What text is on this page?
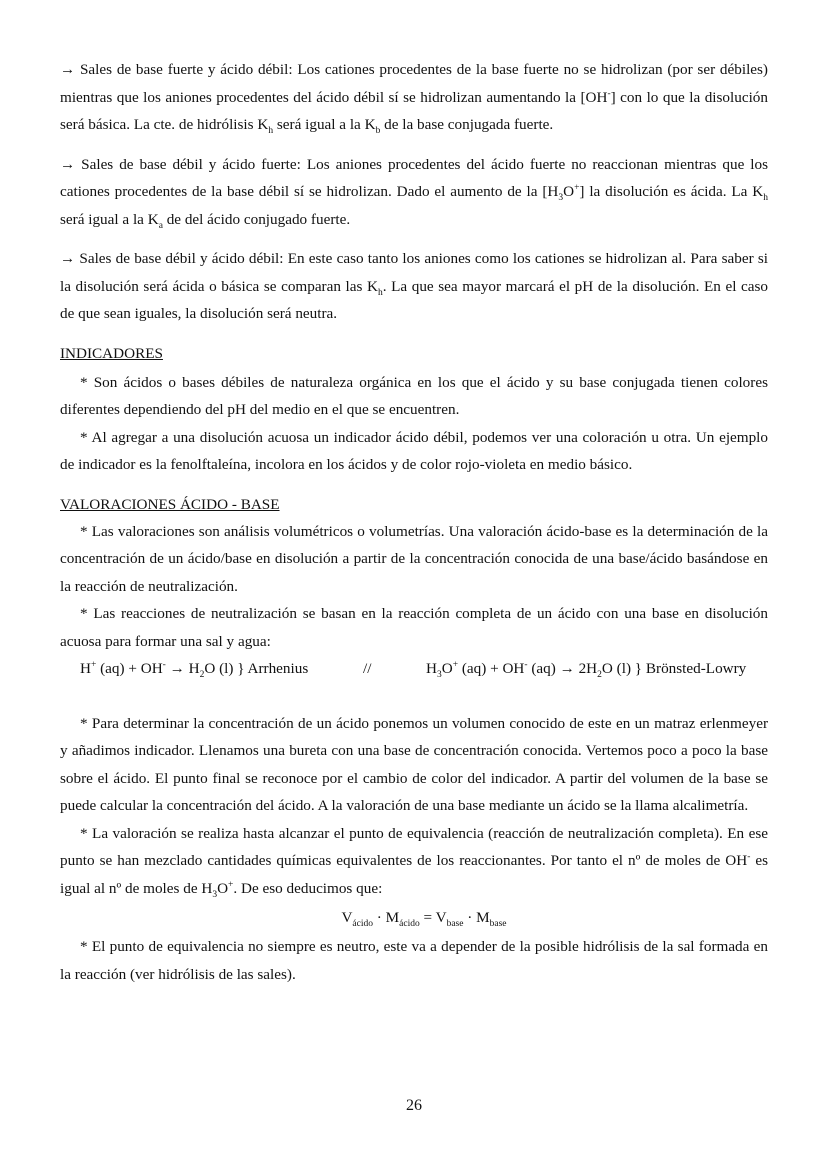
→ Sales de base fuerte y ácido débil: Los cationes procedentes de la base fuerte no se hidrolizan (por ser débiles) mientras que los aniones procedentes del ácido débil sí se hidrolizan aumentando la [OH-] con lo que la disolución será básica. La cte. de hidrólisis $K_h$ será igual a la $K_b$ de la base conjugada fuerte.

→ Sales de base débil y ácido fuerte: Los aniones procedentes del ácido fuerte no reaccionan mientras que los cationes procedentes de la base débil sí se hidrolizan. Dado el aumento de la $[H_3O^+]$ la disolución es ácida. La $K_h$ será igual a la $K_a$ de del ácido conjugado fuerte.

→ Sales de base débil y ácido débil: En este caso tanto los aniones como los cationes se hidrolizan al. Para saber si la disolución será ácida o básica se comparan las $K_h$. La que sea mayor marcará el pH de la disolución. En el caso de que sean iguales, la disolución será neutra.

INDICADORES

* Son ácidos o bases débiles de naturaleza orgánica en los que el ácido y su base conjugada tienen colores diferentes dependiendo del pH del medio en el que se encuentren.

* Al agregar a una disolución acuosa un indicador ácido débil, podemos ver una coloración u otra. Un ejemplo de indicador es la fenolftaleína, incolora en los ácidos y de color rojo-violeta en medio básico.

VALORACIONES ÁCIDO - BASE

* Las valoraciones son análisis volumétricos o volumetrías. Una valoración ácido-base es la determinación de la concentración de un ácido/base en disolución a partir de la concentración conocida de una base/ácido basándose en la reacción de neutralización.

* Las reacciones de neutralización se basan en la reacción completa de un ácido con una base en disolución acuosa para formar una sal y agua:

H+ $(aq) + OH^- \to H_2O$ (l) } Arrhenius	//	$H_3O^+$ (aq) + OH- $(aq) \to 2H_2O$ (l) } Brönsted-Lowry

* Para determinar la concentración de un ácido ponemos un volumen conocido de este en un matraz erlenmeyer y añadimos indicador. Llenamos una bureta con una base de concentración conocida. Vertemos poco a poco la base sobre el ácido. El punto final se reconoce por el cambio de color del indicador. A partir del volumen de la base se puede calcular la concentración del ácido. A la valoración de una base mediante un ácido se la llama alcalimetría.

* La valoración se realiza hasta alcanzar el punto de equivalencia (reacción de neutralización completa). En ese punto se han mezclado cantidades químicas equivalentes de los reaccionantes. Por tanto el nº de moles de OH- es igual al nº de moles de $H_3O^+$. De eso deducimos que:

$V_{ácido} \cdot M_{ácido} = V_{base} \cdot M_{base}$

* El punto de equivalencia no siempre es neutro, este va a depender de la posible hidrólisis de la sal formada en la reacción (ver hidrólisis de las sales).

26
